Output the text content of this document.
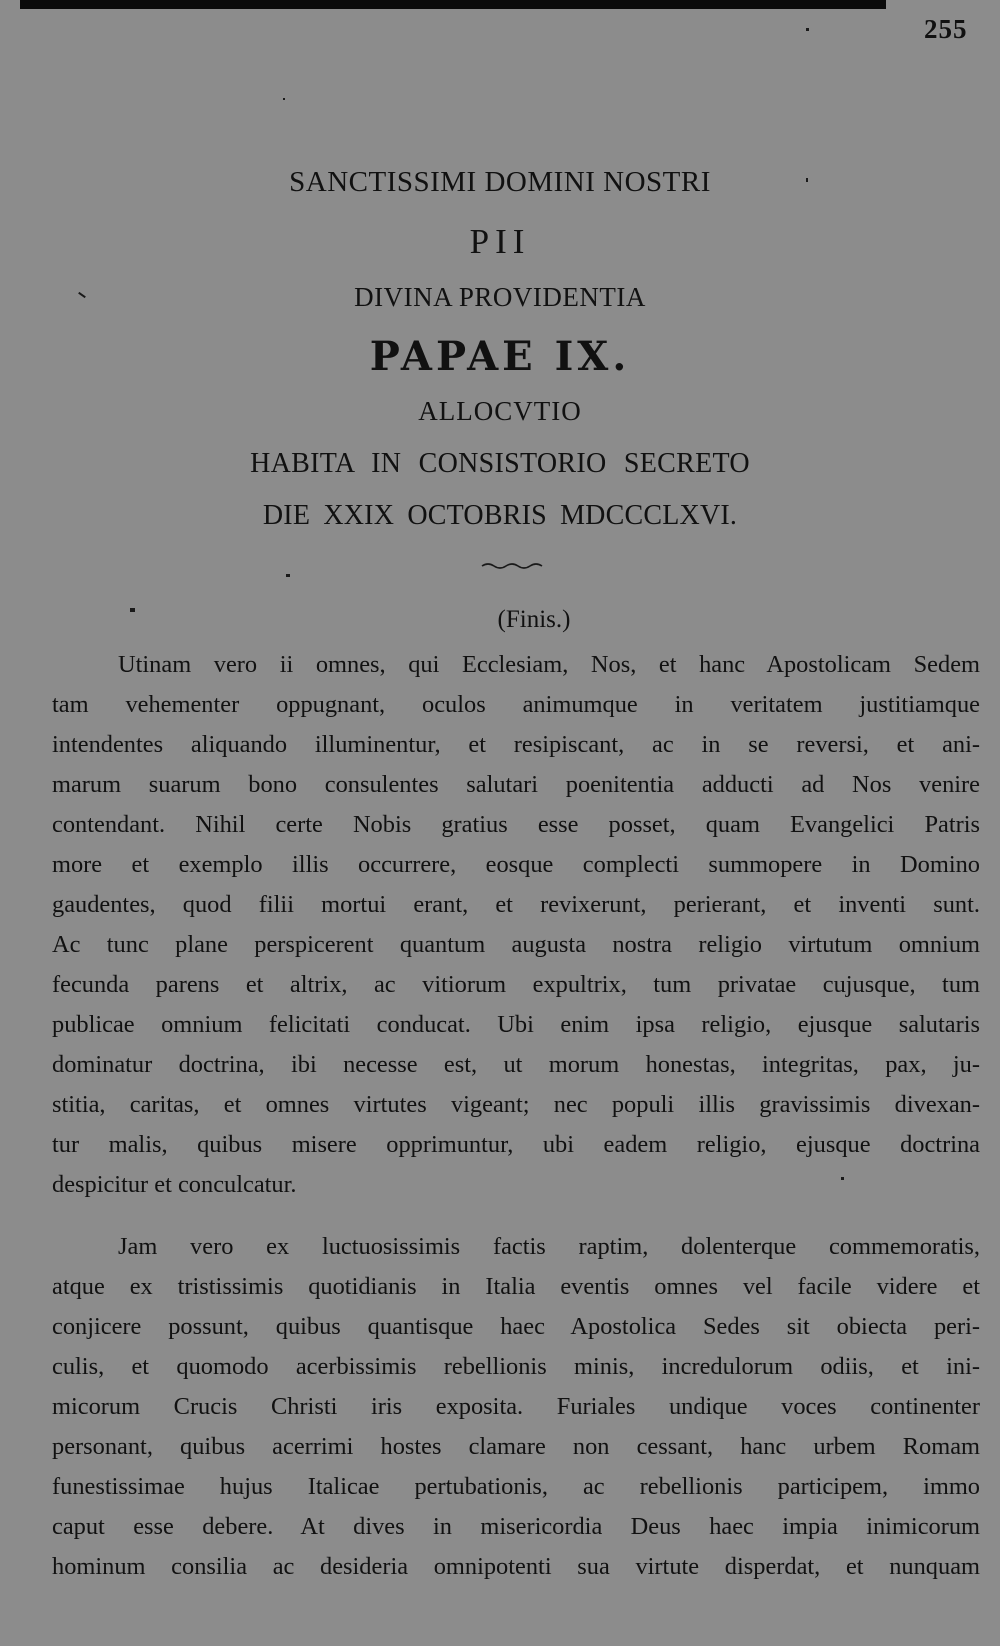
255
SANCTISSIMI DOMINI NOSTRI
PII
DIVINA PROVIDENTIA
PAPAE IX.
ALLOCVTIO
HABITA IN CONSISTORIO SECRETO
DIE XXIX OCTOBRIS MDCCCLXVI.
(Finis.)
Utinam vero ii omnes, qui Ecclesiam, Nos, et hanc Apostolicam Sedem
tam vehementer oppugnant, oculos animumque in veritatem justitiamque
intendentes aliquando illuminentur, et resipiscant, ac in se reversi, et ani-
marum suarum bono consulentes salutari poenitentia adducti ad Nos venire
contendant. Nihil certe Nobis gratius esse posset, quam Evangelici Patris
more et exemplo illis occurrere, eosque complecti summopere in Domino
gaudentes, quod filii mortui erant, et revixerunt, perierant, et inventi sunt.
Ac tunc plane perspicerent quantum augusta nostra religio virtutum omnium
fecunda parens et altrix, ac vitiorum expultrix, tum privatae cujusque, tum
publicae omnium felicitati conducat. Ubi enim ipsa religio, ejusque salutaris
dominatur doctrina, ibi necesse est, ut morum honestas, integritas, pax, ju-
stitia, caritas, et omnes virtutes vigeant; nec populi illis gravissimis divexan-
tur malis, quibus misere opprimuntur, ubi eadem religio, ejusque doctrina
despicitur et conculcatur.
Jam vero ex luctuosissimis factis raptim, dolenterque commemoratis,
atque ex tristissimis quotidianis in Italia eventis omnes vel facile videre et
conjicere possunt, quibus quantisque haec Apostolica Sedes sit obiecta peri-
culis, et quomodo acerbissimis rebellionis minis, incredulorum odiis, et ini-
micorum Crucis Christi iris exposita. Furiales undique voces continenter
personant, quibus acerrimi hostes clamare non cessant, hanc urbem Romam
funestissimae hujus Italicae pertubationis, ac rebellionis participem, immo
caput esse debere. At dives in misericordia Deus haec impia inimicorum
hominum consilia ac desideria omnipotenti sua virtute disperdat, et nunquam
